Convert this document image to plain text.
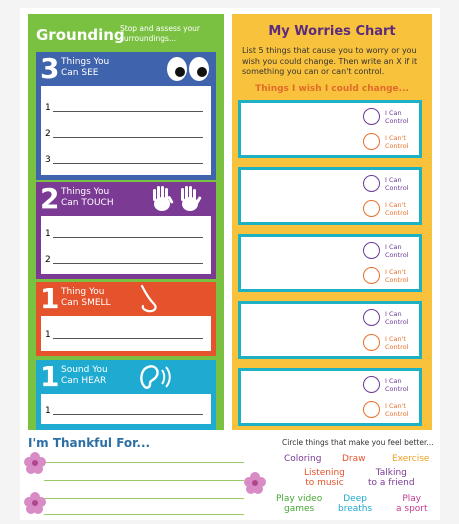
Grounding
Stop and assess your surroundings...
3 Things You
Can SEE
1
2
3
2 Things You
Can TOUCH
1
2
1 Thing You
Can SMELL
1
1 Sound You
Can HEAR
1
My Worries Chart
List 5 things that cause you to worry or you wish you could change. Then write an X if it something you can or can't control.
Things I wish I could change...
I Can
Control
I Can't
Control
I Can
Control
I Can't
Control
I Can
Control
I Can't
Control
I Can
Control
I Can't
Control
I Can
Control
I Can't
Control
I'm Thankful For...	Circle things that make you feel better...
Coloring Draw	Exercise
Listening
to music
Talking
to a friend
Play video
games
Deep
breaths
Play
a sport
